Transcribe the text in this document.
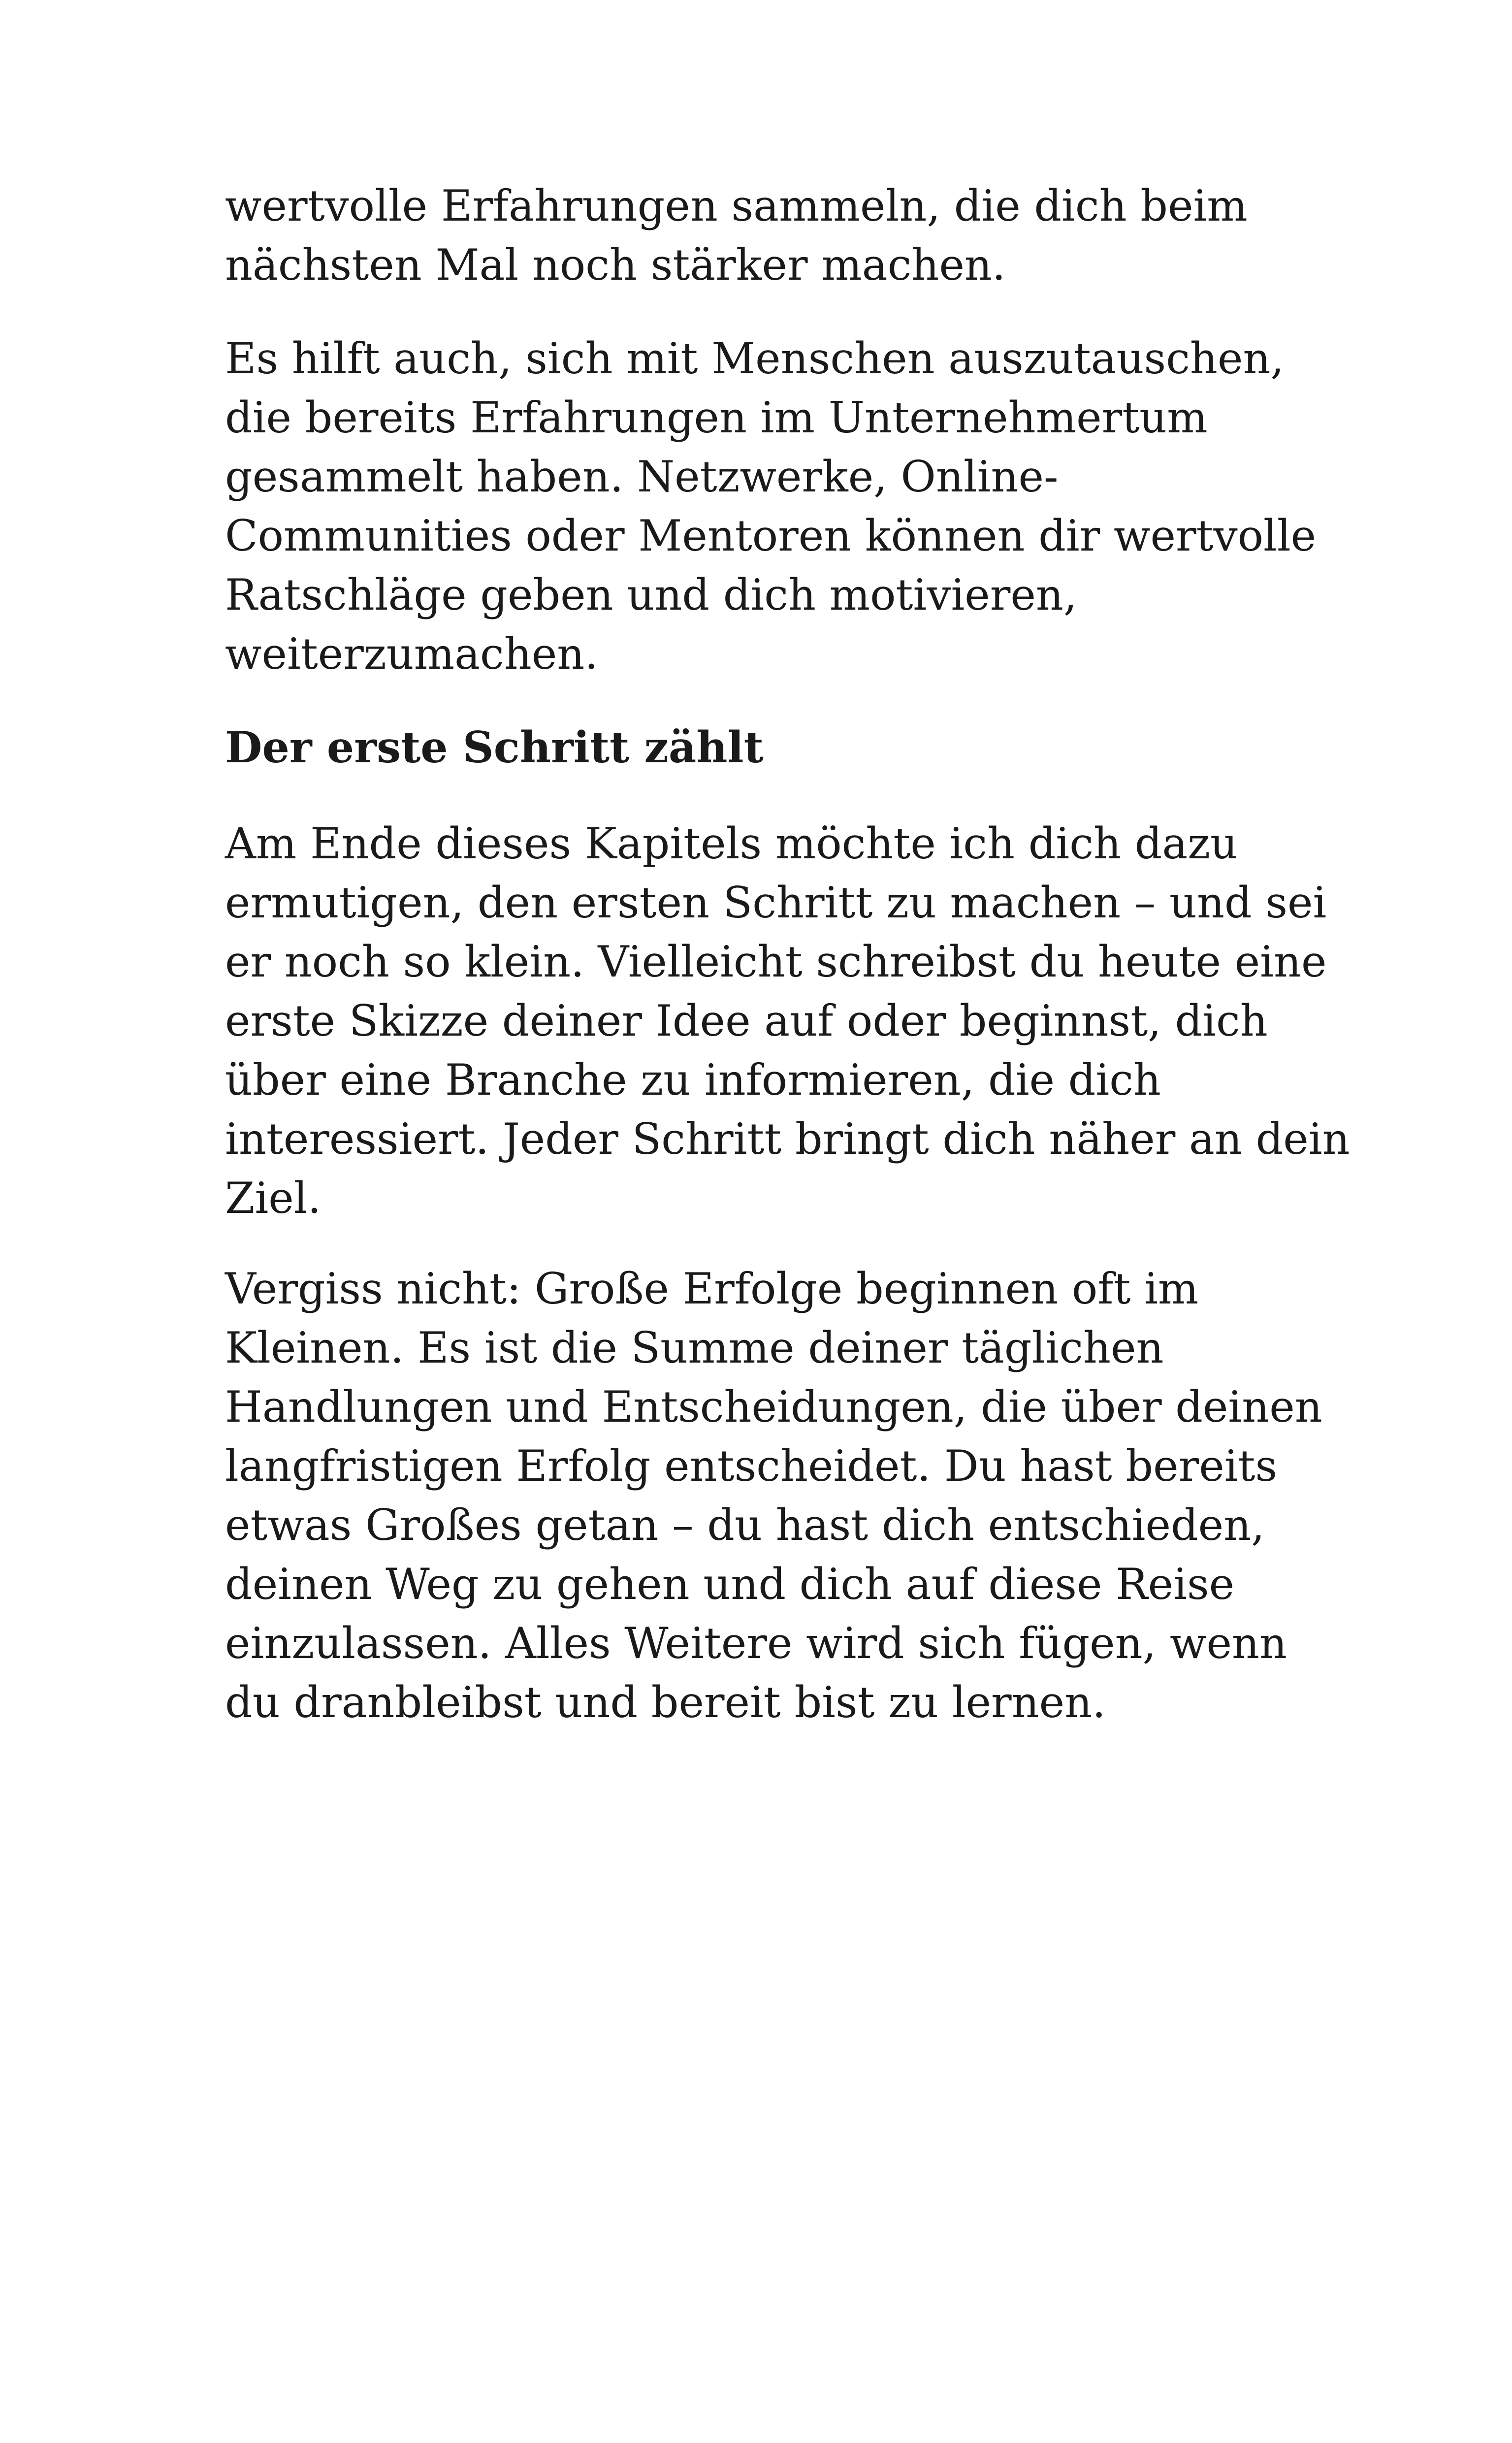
wertvolle Erfahrungen sammeln, die dich beim
nächsten Mal noch stärker machen.
Es hilft auch, sich mit Menschen auszutauschen,
die bereits Erfahrungen im Unternehmertum
gesammelt haben. Netzwerke, Online-
Communities oder Mentoren können dir wertvolle
Ratschläge geben und dich motivieren,
weiterzumachen.
Der erste Schritt zählt
Am Ende dieses Kapitels möchte ich dich dazu
ermutigen, den ersten Schritt zu machen – und sei
er noch so klein. Vielleicht schreibst du heute eine
erste Skizze deiner Idee auf oder beginnst, dich
über eine Branche zu informieren, die dich
interessiert. Jeder Schritt bringt dich näher an dein
Ziel.
Vergiss nicht: Große Erfolge beginnen oft im
Kleinen. Es ist die Summe deiner täglichen
Handlungen und Entscheidungen, die über deinen
langfristigen Erfolg entscheidet. Du hast bereits
etwas Großes getan – du hast dich entschieden,
deinen Weg zu gehen und dich auf diese Reise
einzulassen. Alles Weitere wird sich fügen, wenn
du dranbleibst und bereit bist zu lernen.
